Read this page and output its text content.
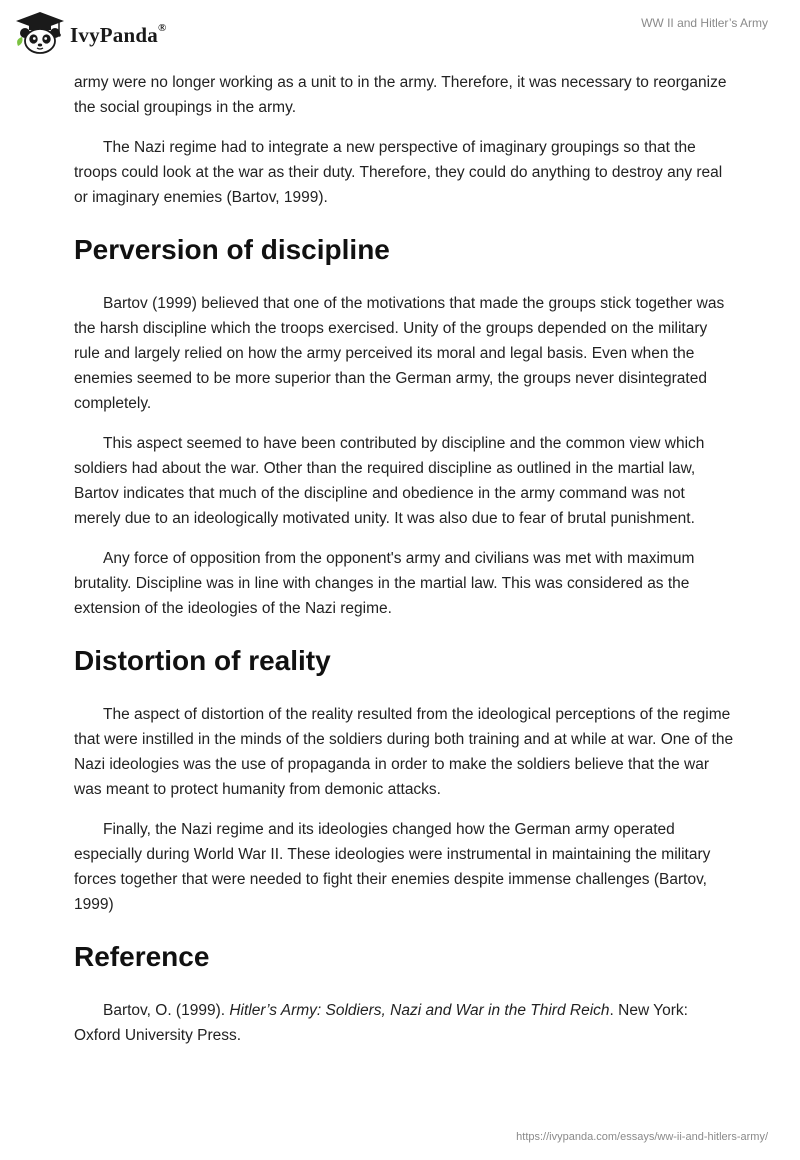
IvyPanda®	WW II and Hitler’s Army

army were no longer working as a unit to in the army. Therefore, it was necessary to reorganize the social groupings in the army.

The Nazi regime had to integrate a new perspective of imaginary groupings so that the troops could look at the war as their duty. Therefore, they could do anything to destroy any real or imaginary enemies (Bartov, 1999).

Perversion of discipline

Bartov (1999) believed that one of the motivations that made the groups stick together was the harsh discipline which the troops exercised. Unity of the groups depended on the military rule and largely relied on how the army perceived its moral and legal basis. Even when the enemies seemed to be more superior than the German army, the groups never disintegrated completely.

This aspect seemed to have been contributed by discipline and the common view which soldiers had about the war. Other than the required discipline as outlined in the martial law, Bartov indicates that much of the discipline and obedience in the army command was not merely due to an ideologically motivated unity. It was also due to fear of brutal punishment.

Any force of opposition from the opponent's army and civilians was met with maximum brutality. Discipline was in line with changes in the martial law. This was considered as the extension of the ideologies of the Nazi regime.

Distortion of reality

The aspect of distortion of the reality resulted from the ideological perceptions of the regime that were instilled in the minds of the soldiers during both training and at while at war. One of the Nazi ideologies was the use of propaganda in order to make the soldiers believe that the war was meant to protect humanity from demonic attacks.

Finally, the Nazi regime and its ideologies changed how the German army operated especially during World War II. These ideologies were instrumental in maintaining the military forces together that were needed to fight their enemies despite immense challenges (Bartov, 1999)

Reference

Bartov, O. (1999). Hitler’s Army: Soldiers, Nazi and War in the Third Reich. New York: Oxford University Press.

https://ivypanda.com/essays/ww-ii-and-hitlers-army/
